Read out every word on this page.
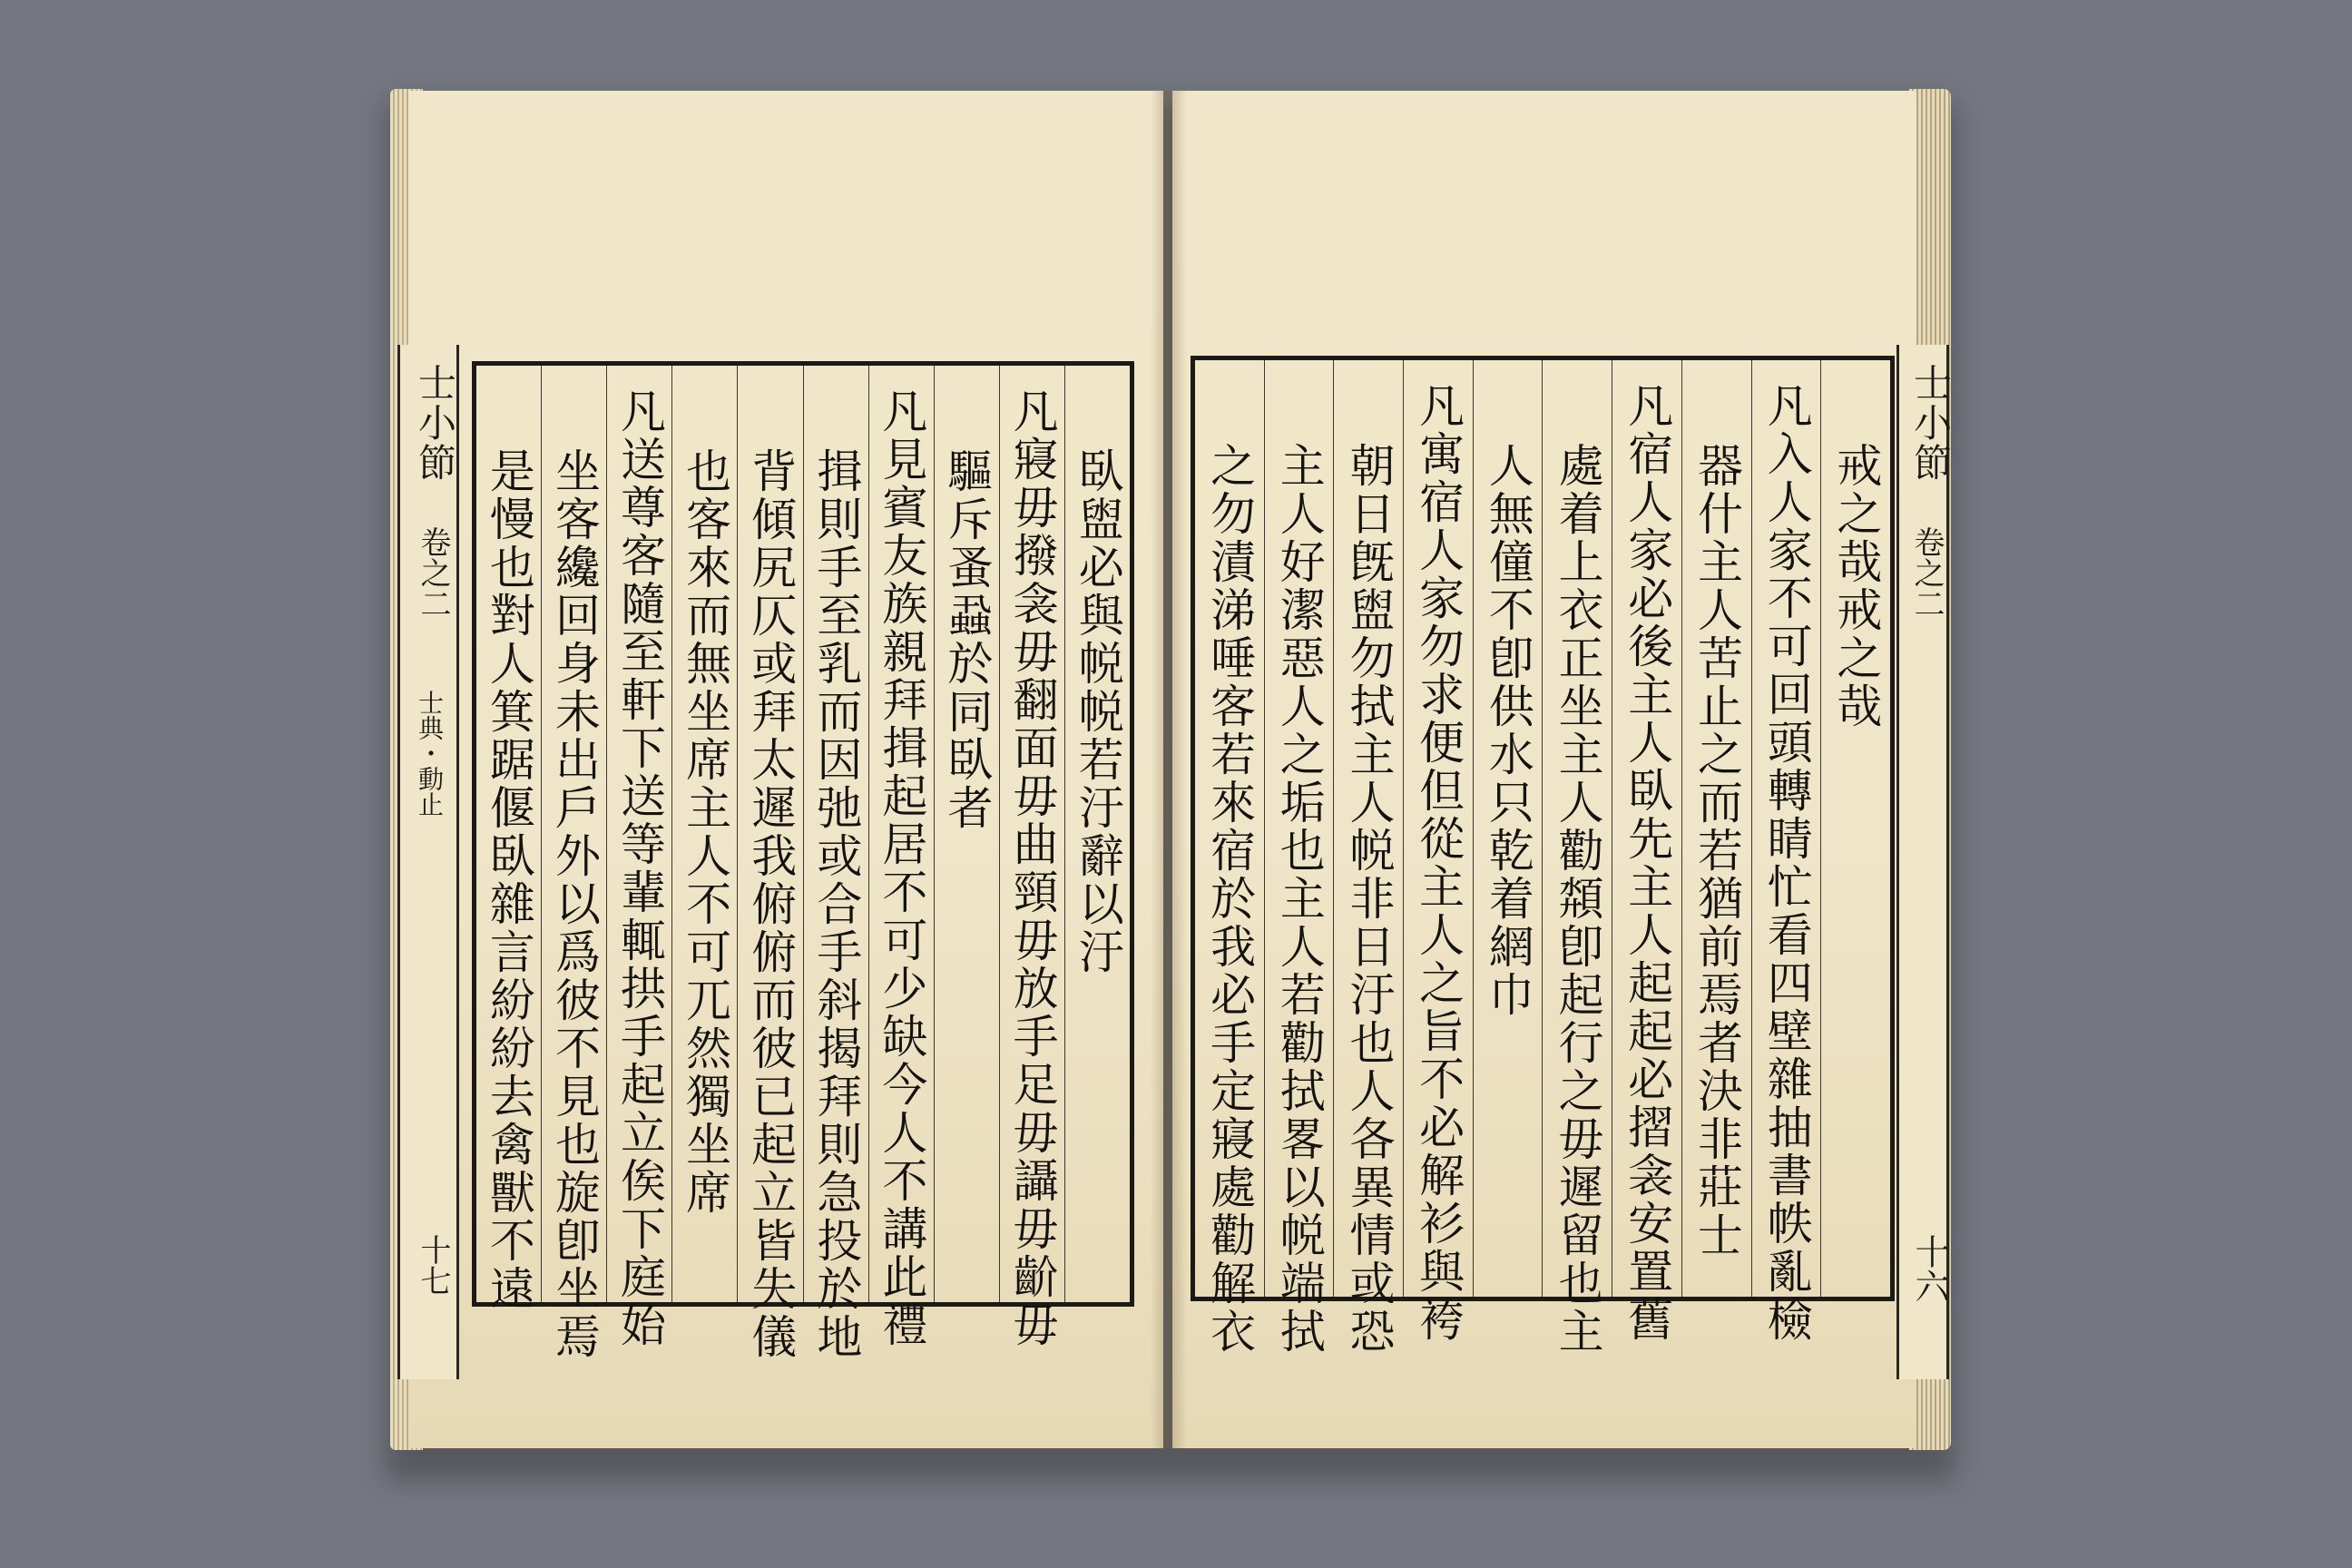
士小節
卷之二
士典・動止
十七
士小節
卷之二
十六
臥盥必與帨帨若汙辭以汙
凡寢毋撥衾毋翻面毋曲頸毋放手足毋讘毋齘毋
驅斥蚤蝨於同臥者
凡見賓友族親拜揖起居不可少缺今人不講此禮
揖則手至乳而因弛或合手斜揭拜則急投於地
背傾尻仄或拜太遲我俯俯而彼已起立皆失儀
也客來而無坐席主人不可兀然獨坐席
凡送尊客隨至軒下送等輩輒拱手起立俟下庭始
坐客纔回身未出戶外以爲彼不見也旋卽坐焉
是慢也對人箕踞偃臥雜言紛紛去禽獸不遠	戒之哉戒之哉
凡入人家不可回頭轉睛忙看四壁雜抽書帙亂檢
器什主人苦止之而若猶前焉者決非莊士
凡宿人家必後主人臥先主人起起必摺衾安置舊
處着上衣正坐主人勸頮卽起行之毋遲留也主
人無僮不卽供水只乾着網巾
凡寓宿人家勿求便但從主人之旨不必解衫與袴
朝日旣盥勿拭主人帨非日汙也人各異情或恐
主人好潔惡人之垢也主人若勸拭畧以帨端拭
之勿漬涕唾客若來宿於我必手定寢處勸解衣
